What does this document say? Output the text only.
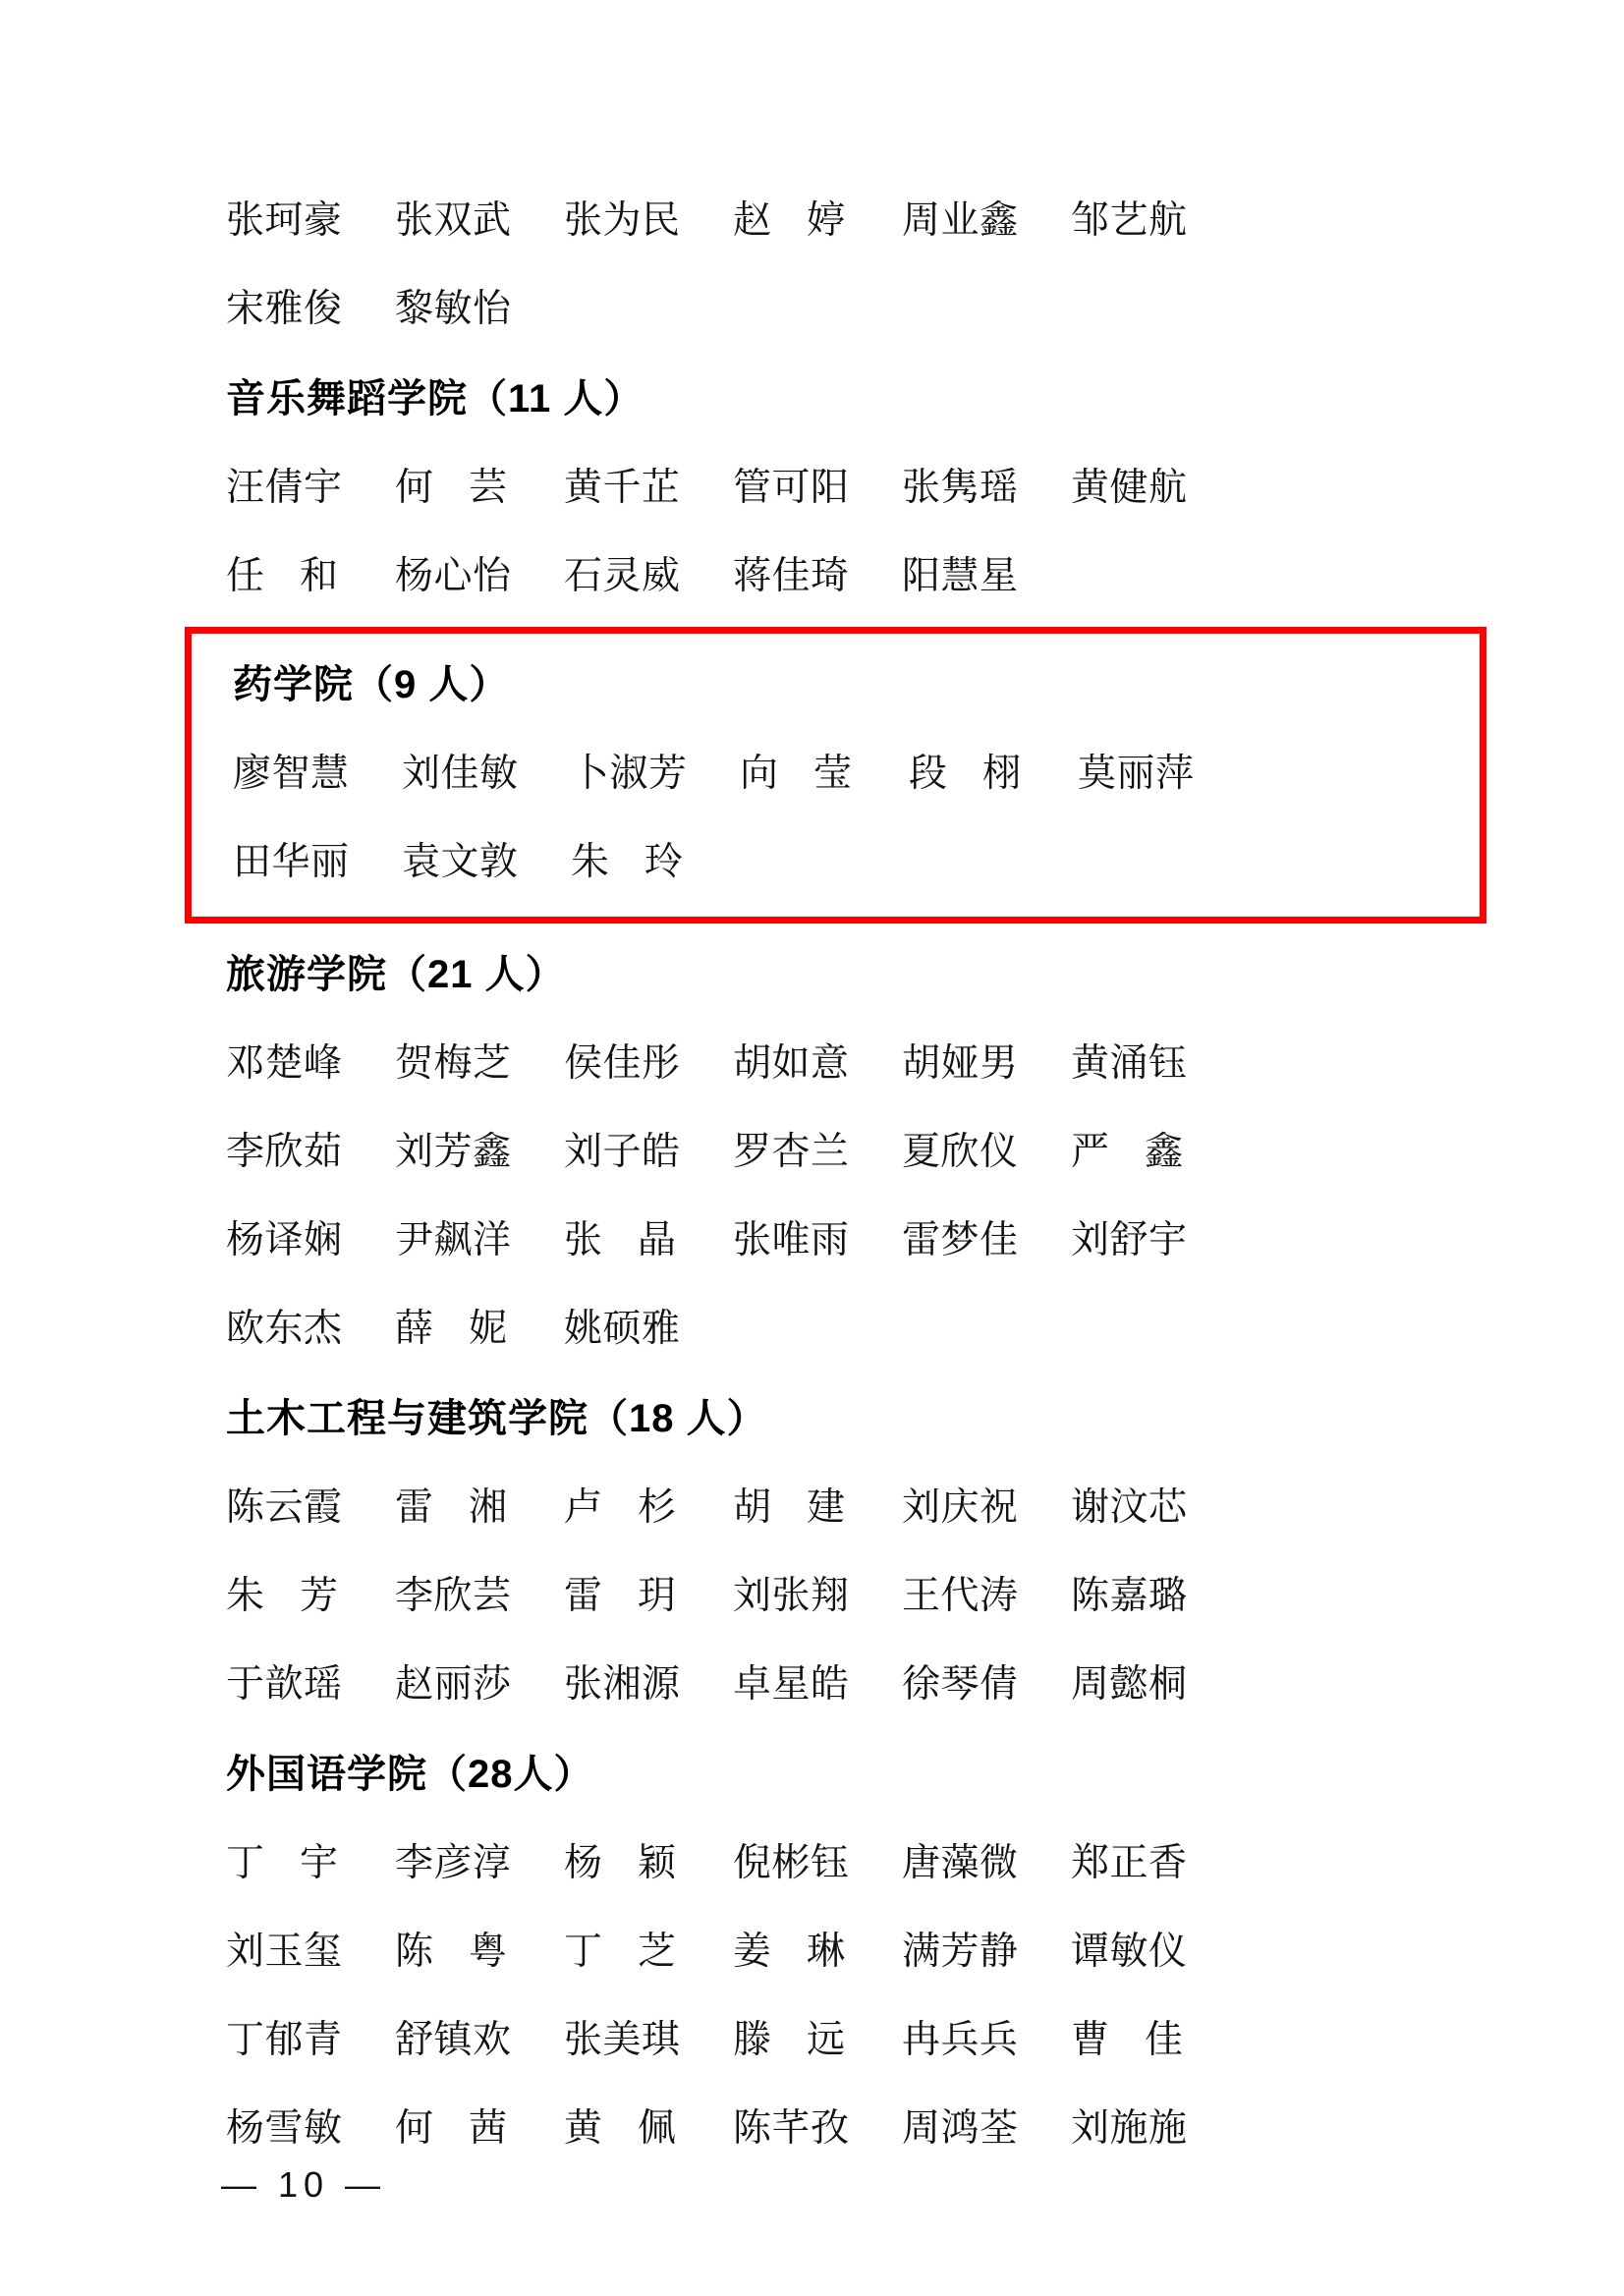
张珂豪	张双武	张为民	赵 婷	周业鑫	邹艺航
宋雅俊	黎敏怡
音乐舞蹈学院（11 人）
汪倩宇	何 芸	黄千芷	管可阳	张隽瑶	黄健航
任 和	杨心怡	石灵威	蒋佳琦	阳慧星
药学院（9 人）
廖智慧	刘佳敏	卜淑芳	向 莹	段 栩	莫丽萍
田华丽	袁文敦	朱 玲
旅游学院（21 人）
邓楚峰	贺梅芝	侯佳彤	胡如意	胡娅男	黄涌钰
李欣茹	刘芳鑫	刘子皓	罗杏兰	夏欣仪	严 鑫
杨译娴	尹飙洋	张 晶	张唯雨	雷梦佳	刘舒宇
欧东杰	薛 妮	姚硕雅
土木工程与建筑学院（18 人）
陈云霞	雷 湘	卢 杉	胡 建	刘庆祝	谢汶芯
朱 芳	李欣芸	雷 玥	刘张翔	王代涛	陈嘉璐
于歆瑶	赵丽莎	张湘源	卓星皓	徐琴倩	周懿桐
外国语学院（28人）
丁 宇	李彦淳	杨 颖	倪彬钰	唐藻微	郑正香
刘玉玺	陈 粤	丁 芝	姜 琳	满芳静	谭敏仪
丁郁青	舒镇欢	张美琪	滕 远	冉兵兵	曹 佳
杨雪敏	何 茜	黄 佩	陈芊孜	周鸿荃	刘施施
— 10 —
